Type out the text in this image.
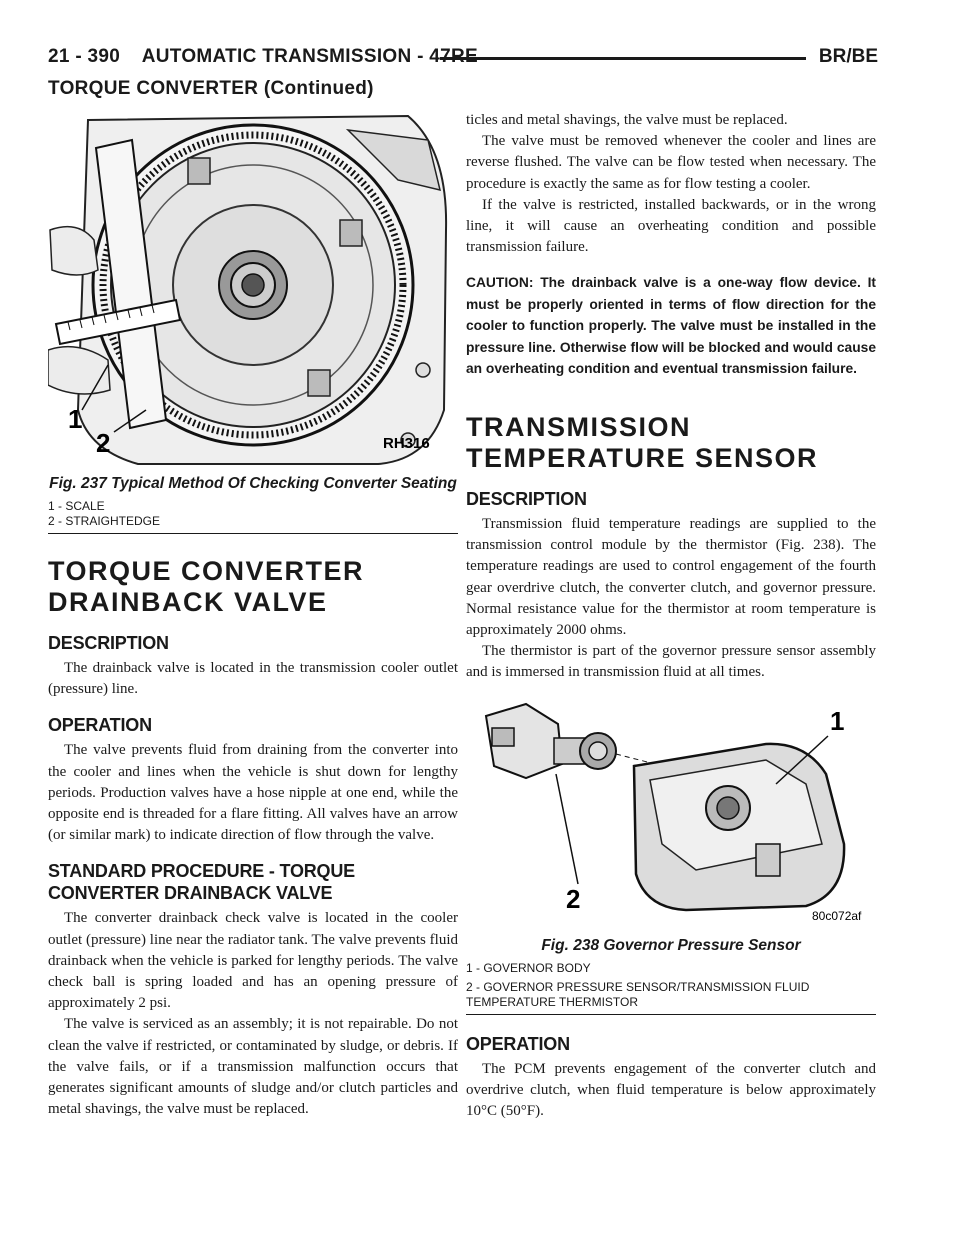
21 - 390    AUTOMATIC TRANSMISSION - 47RE	BR/BE
TORQUE CONVERTER (Continued)
1
2	RH316
Fig. 237 Typical Method Of Checking Converter Seating
1 - SCALE
2 - STRAIGHTEDGE
TORQUE CONVERTER DRAINBACK VALVE
DESCRIPTION

The drainback valve is located in the transmission cooler outlet (pressure) line.

OPERATION

The valve prevents fluid from draining from the converter into the cooler and lines when the vehicle is shut down for lengthy periods. Production valves have a hose nipple at one end, while the opposite end is threaded for a flare fitting. All valves have an arrow (or similar mark) to indicate direction of flow through the valve.

STANDARD PROCEDURE - TORQUE CONVERTER DRAINBACK VALVE

The converter drainback check valve is located in the cooler outlet (pressure) line near the radiator tank. The valve prevents fluid drainback when the vehicle is parked for lengthy periods. The valve check ball is spring loaded and has an opening pressure of approximately 2 psi.

The valve is serviced as an assembly; it is not repairable. Do not clean the valve if restricted, or contaminated by sludge, or debris. If the valve fails, or if a transmission malfunction occurs that generates significant amounts of sludge and/or clutch particles and metal shavings, the valve must be replaced.

ticles and metal shavings, the valve must be replaced.

The valve must be removed whenever the cooler and lines are reverse flushed. The valve can be flow tested when necessary. The procedure is exactly the same as for flow testing a cooler.

If the valve is restricted, installed backwards, or in the wrong line, it will cause an overheating condition and possible transmission failure.

CAUTION: The drainback valve is a one-way flow device. It must be properly oriented in terms of flow direction for the cooler to function properly. The valve must be installed in the pressure line. Otherwise flow will be blocked and would cause an overheating condition and eventual transmission failure.

TRANSMISSION TEMPERATURE SENSOR
DESCRIPTION

Transmission fluid temperature readings are supplied to the transmission control module by the thermistor (Fig. 238). The temperature readings are used to control engagement of the fourth gear overdrive clutch, the converter clutch, and governor pressure. Normal resistance value for the thermistor at room temperature is approximately 2000 ohms.

The thermistor is part of the governor pressure sensor assembly and is immersed in transmission fluid at all times.

1
2
80c072af
Fig. 238 Governor Pressure Sensor
1 - GOVERNOR BODY
2 - GOVERNOR PRESSURE SENSOR/TRANSMISSION FLUID TEMPERATURE THERMISTOR
OPERATION

The PCM prevents engagement of the converter clutch and overdrive clutch, when fluid temperature is below approximately 10°C (50°F).
